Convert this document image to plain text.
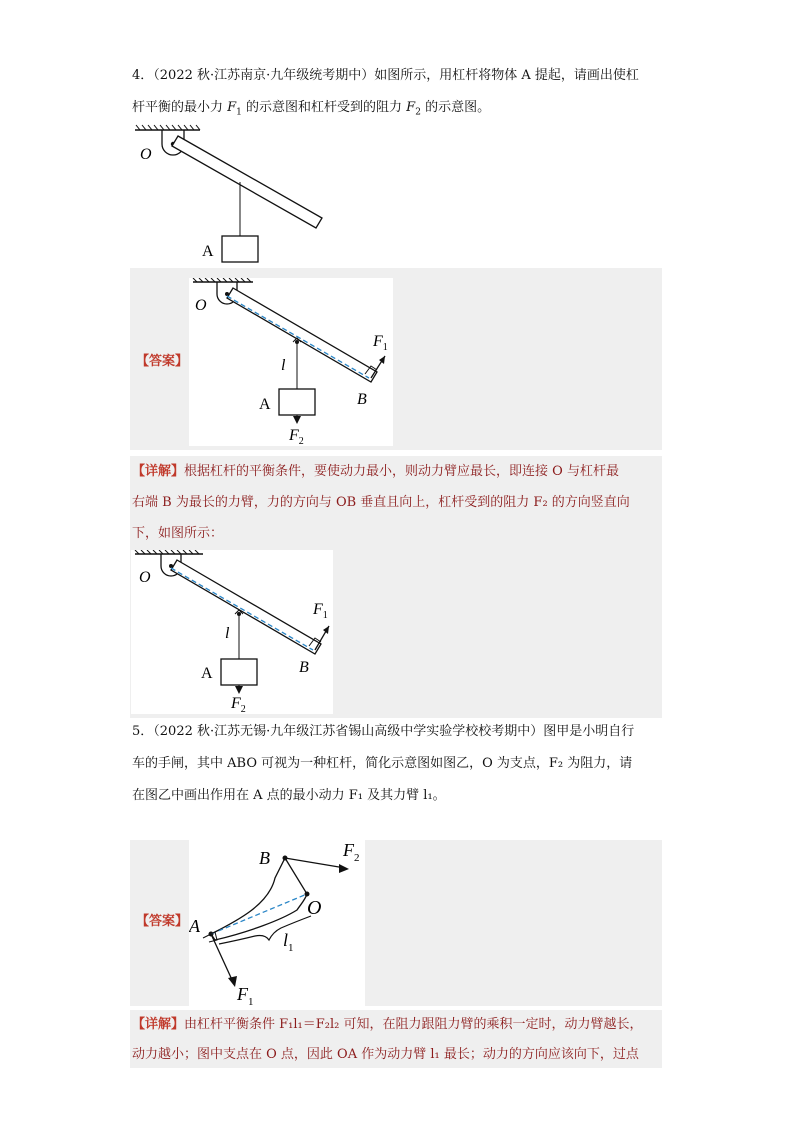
4．（2022 秋·江苏南京·九年级统考期中）如图所示，用杠杆将物体 A 提起，请画出使杠
杆平衡的最小力 $F_1$ 的示意图和杠杆受到的阻力 $F_2$ 的示意图。
O
A
【答案】
O
A	B
l
$F_1$
$F_2$
【详解】根据杠杆的平衡条件，要使动力最小，则动力臂应最长，即连接 O 与杠杆最
右端 B 为最长的力臂，力的方向与 OB 垂直且向上，杠杆受到的阻力 F₂ 的方向竖直向
下，如图所示：
O
A	B
l
$F_1$
$F_2$
5．（2022 秋·江苏无锡·九年级江苏省锡山高级中学实验学校校考期中）图甲是小明自行
车的手闸，其中 ABO 可视为一种杠杆，简化示意图如图乙，O 为支点，F₂ 为阻力，请
在图乙中画出作用在 A 点的最小动力 F₁ 及其力臂 l₁。
【答案】 A
B
O
$F_2$
$F_1$
$l_1$
【详解】由杠杆平衡条件 F₁l₁＝F₂l₂ 可知，在阻力跟阻力臂的乘积一定时，动力臂越长，
动力越小；图中支点在 O 点，因此 OA 作为动力臂 l₁ 最长；动力的方向应该向下，过点
